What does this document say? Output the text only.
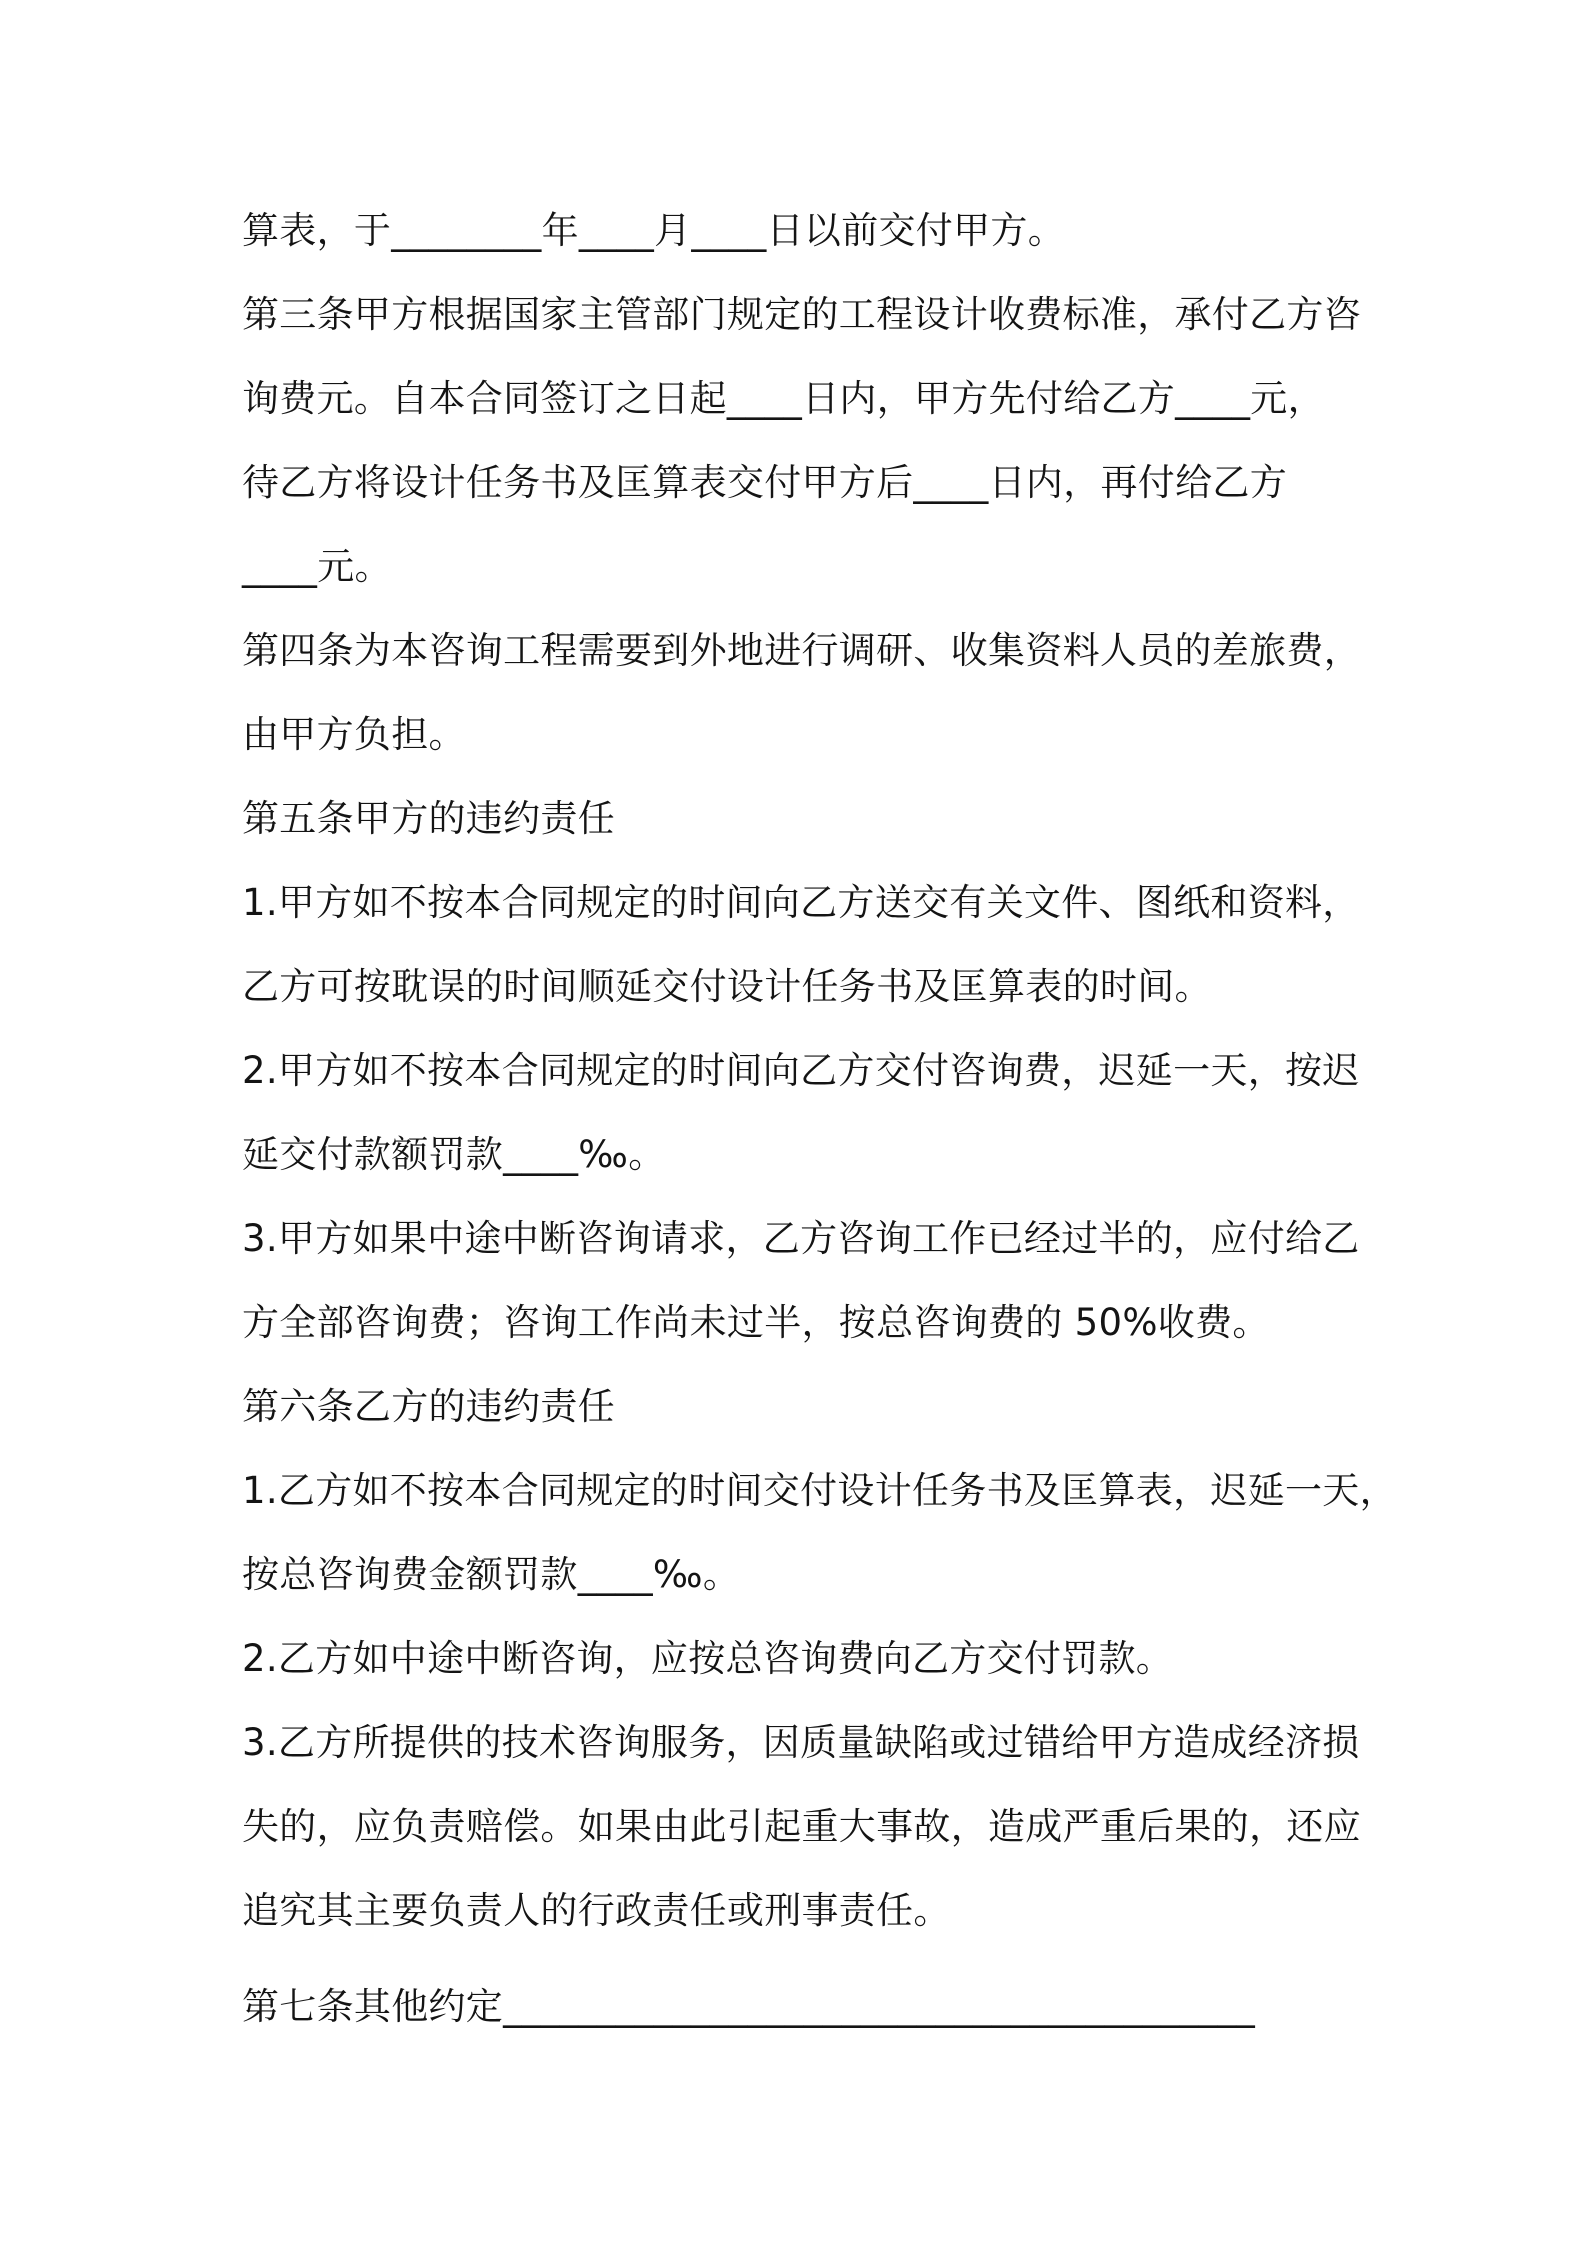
算表，于________年____月____日以前交付甲方。
第三条甲方根据国家主管部门规定的工程设计收费标准，承付乙方咨
询费元。自本合同签订之日起____日内，甲方先付给乙方____元，
待乙方将设计任务书及匡算表交付甲方后____日内，再付给乙方
____元。
第四条为本咨询工程需要到外地进行调研、收集资料人员的差旅费，
由甲方负担。
第五条甲方的违约责任
1.甲方如不按本合同规定的时间向乙方送交有关文件、图纸和资料，
乙方可按耽误的时间顺延交付设计任务书及匡算表的时间。
2.甲方如不按本合同规定的时间向乙方交付咨询费，迟延一天，按迟
延交付款额罚款____‰。
3.甲方如果中途中断咨询请求，乙方咨询工作已经过半的，应付给乙
方全部咨询费；咨询工作尚未过半，按总咨询费的 50%收费。
第六条乙方的违约责任
1.乙方如不按本合同规定的时间交付设计任务书及匡算表，迟延一天，
按总咨询费金额罚款____‰。
2.乙方如中途中断咨询，应按总咨询费向乙方交付罚款。
3.乙方所提供的技术咨询服务，因质量缺陷或过错给甲方造成经济损
失的，应负责赔偿。如果由此引起重大事故，造成严重后果的，还应
追究其主要负责人的行政责任或刑事责任。
第七条其他约定________________________________________
